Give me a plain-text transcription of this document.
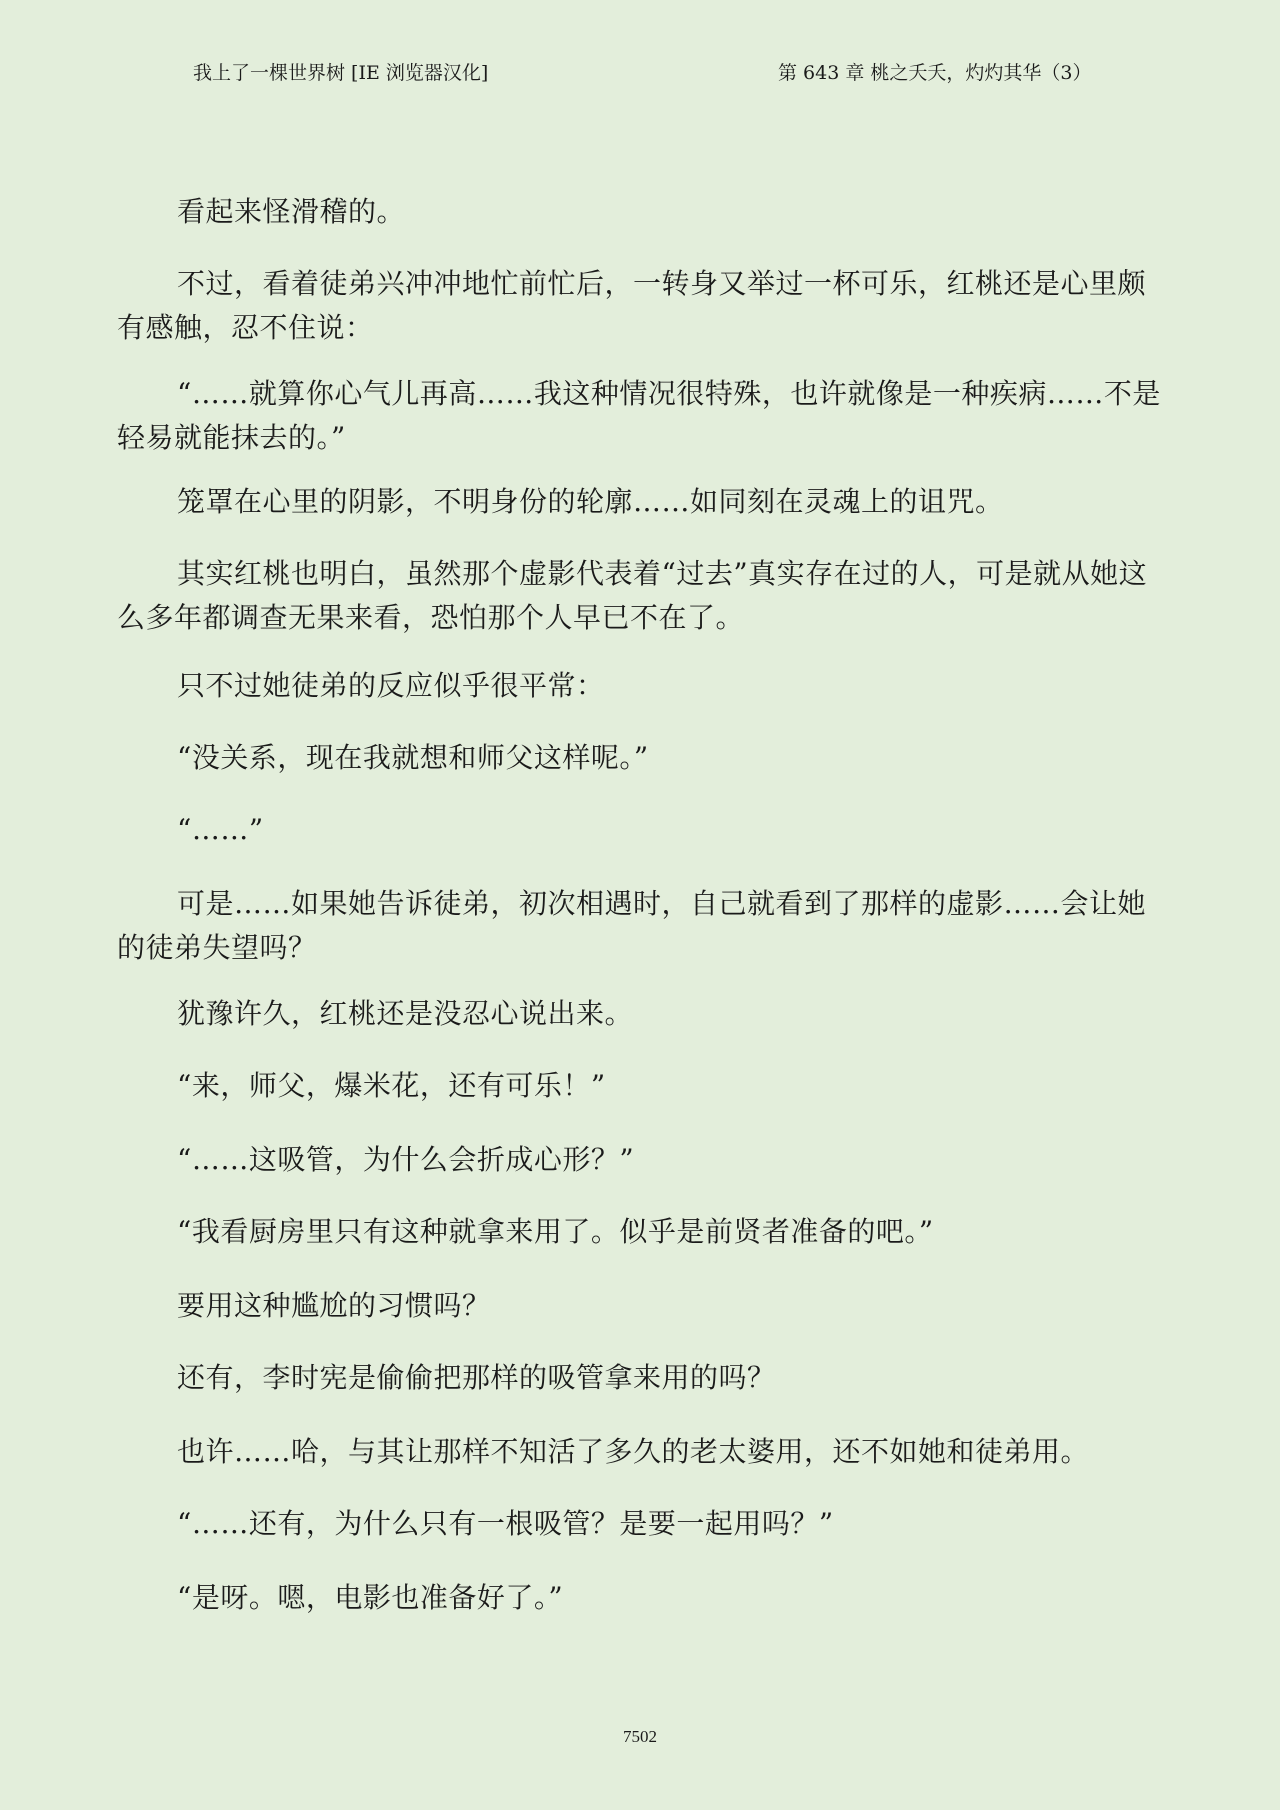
我上了一棵世界树 [IE 浏览器汉化]	第 643 章 桃之夭夭，灼灼其华（3）

看起来怪滑稽的。

不过，看着徒弟兴冲冲地忙前忙后，一转身又举过一杯可乐，红桃还是心里颇有感触，忍不住说：

“……就算你心气儿再高……我这种情况很特殊，也许就像是一种疾病……不是轻易就能抹去的。”

笼罩在心里的阴影，不明身份的轮廓……如同刻在灵魂上的诅咒。

其实红桃也明白，虽然那个虚影代表着“过去”真实存在过的人，可是就从她这么多年都调查无果来看，恐怕那个人早已不在了。

只不过她徒弟的反应似乎很平常：

“没关系，现在我就想和师父这样呢。”

“……”

可是……如果她告诉徒弟，初次相遇时，自己就看到了那样的虚影……会让她的徒弟失望吗？

犹豫许久，红桃还是没忍心说出来。

“来，师父，爆米花，还有可乐！”

“……这吸管，为什么会折成心形？”

“我看厨房里只有这种就拿来用了。似乎是前贤者准备的吧。”

要用这种尴尬的习惯吗？

还有，李时宪是偷偷把那样的吸管拿来用的吗？

也许……哈，与其让那样不知活了多久的老太婆用，还不如她和徒弟用。

“……还有，为什么只有一根吸管？是要一起用吗？”

“是呀。嗯，电影也准备好了。”

7502
